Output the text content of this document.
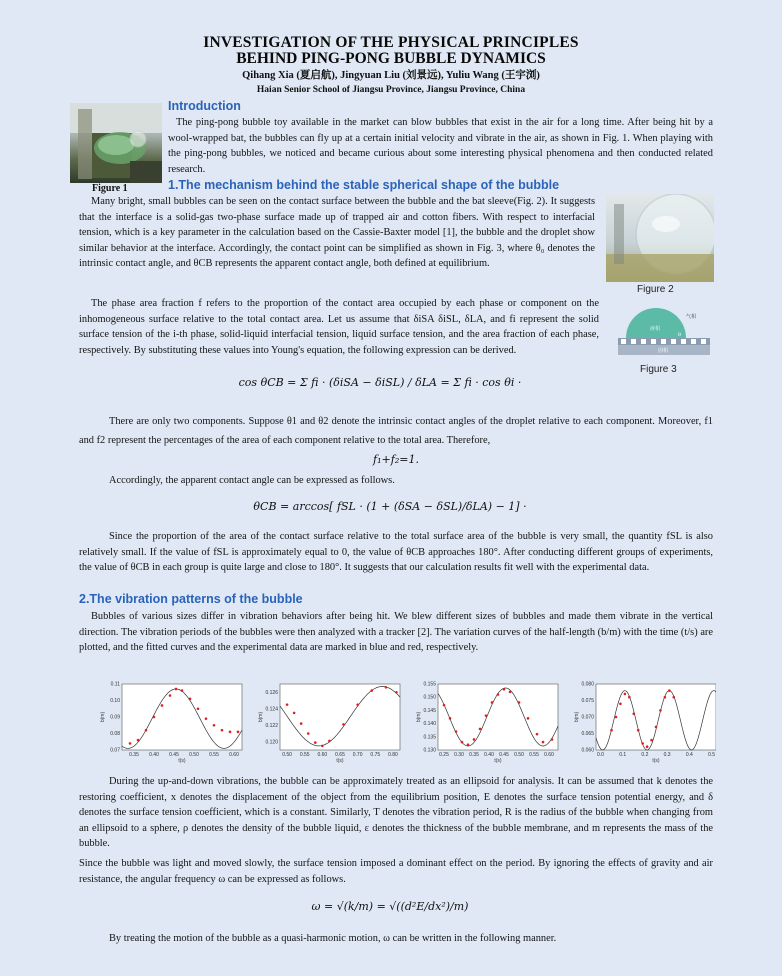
INVESTIGATION OF THE PHYSICAL PRINCIPLES
BEHIND PING-PONG BUBBLE DYNAMICS
Qihang Xia (夏启航), Jingyuan Liu (刘景远), Yuliu Wang (王宇浏)
Haian Senior School of Jiangsu Province, Jiangsu Province, China
Figure 1
Introduction
The ping-pong bubble toy available in the market can blow bubbles that exist in the air for a long time. After being hit by a wool-wrapped bat, the bubbles can fly up at a certain initial velocity and vibrate in the air, as shown in Fig. 1. When playing with the ping-pong bubbles, we noticed and became curious about some interesting physical phenomena and then conducted related research.
1.The mechanism behind the stable spherical shape of the bubble
Figure 2
气相
液相
θ
固相
Figure 3
Many bright, small bubbles can be seen on the contact surface between the bubble and the bat sleeve(Fig. 2). It suggests that the interface is a solid-gas two-phase surface made up of trapped air and cotton fibers. With respect to interfacial tension, which is a key parameter in the calculation based on the Cassie-Baxter model [1], the bubble and the droplet show similar behavior at the interface. Accordingly, the contact point can be simplified as shown in Fig. 3, where θ₀ denotes the intrinsic contact angle, and θCB represents the apparent contact angle, both defined at equilibrium.
The phase area fraction f refers to the proportion of the contact area occupied by each phase or component on the inhomogeneous surface relative to the total contact area. Let us assume that δiSA δiSL, δLA, and fi represent the solid surface tension of the i-th phase, solid-liquid interfacial tension, liquid surface tension, and the area fraction of each phase, respectively. By substituting these values into Young's equation, the following expression can be derived.
cos θCB = Σ fi · (δiSA − δiSL) / δLA = Σ fi · cos θi ·
There are only two components. Suppose θ1 and θ2 denote the intrinsic contact angles of the droplet relative to each component. Moreover, f1 and f2 represent the percentages of the area of each component relative to the total area. Therefore,
f₁+f₂=1.
Accordingly, the apparent contact angle can be expressed as follows.
θCB = arccos[ fSL · (1 + (δSA − δSL)/δLA) − 1] ·
Since the proportion of the area of the contact surface relative to the total surface area of the bubble is very small, the quantity fSL is also relatively small. If the value of fSL is approximately equal to 0, the value of θCB approaches 180°. After conducting different groups of experiments, the value of θCB in each group is quite large and close to 180°. It suggests that our calculation results fit well with the experimental data.
2.The vibration patterns of the bubble
Bubbles of various sizes differ in vibration behaviors after being hit. We blew different sizes of bubbles and made them vibrate in the vertical direction. The vibration periods of the bubbles were then analyzed with a tracker [2]. The variation curves of the half-length (b/m) with the time (t/s) are plotted, and the fitted curves and the experimental data are marked in blue and red, respectively.
0.35 0.40 0.45 0.50 0.55 0.60
0.07
0.08
0.09
0.10
0.11
t(s)
b(m)
0.50 0.55 0.60 0.65 0.70 0.75 0.80
0.120
0.122
0.124
0.126
t(s)
b(m)
0.25 0.30 0.35 0.40 0.45 0.50 0.55 0.60
0.130
0.135
0.140
0.145
0.150
0.155
t(s)
b(m)
0.0	0.1	0.2	0.3	0.4	0.5
0.060
0.065
0.070
0.075
0.080
t(s)
b(m)
During the up-and-down vibrations, the bubble can be approximately treated as an ellipsoid for analysis. It can be assumed that k denotes the restoring coefficient, x denotes the displacement of the object from the equilibrium position, E denotes the surface tension potential energy, and δ denotes the surface tension coefficient, which is a constant. Similarly, T denotes the vibration period, R is the radius of the bubble when changing from an ellipsoid to a sphere, ρ denotes the density of the bubble liquid, ε denotes the thickness of the bubble membrane, and m represents the mass of the bubble.
Since the bubble was light and moved slowly, the surface tension imposed a dominant effect on the period. By ignoring the effects of gravity and air resistance, the angular frequency ω can be expressed as follows.
ω = √(k/m) = √((d²E/dx²)/m)
By treating the motion of the bubble as a quasi-harmonic motion, ω can be written in the following manner.
